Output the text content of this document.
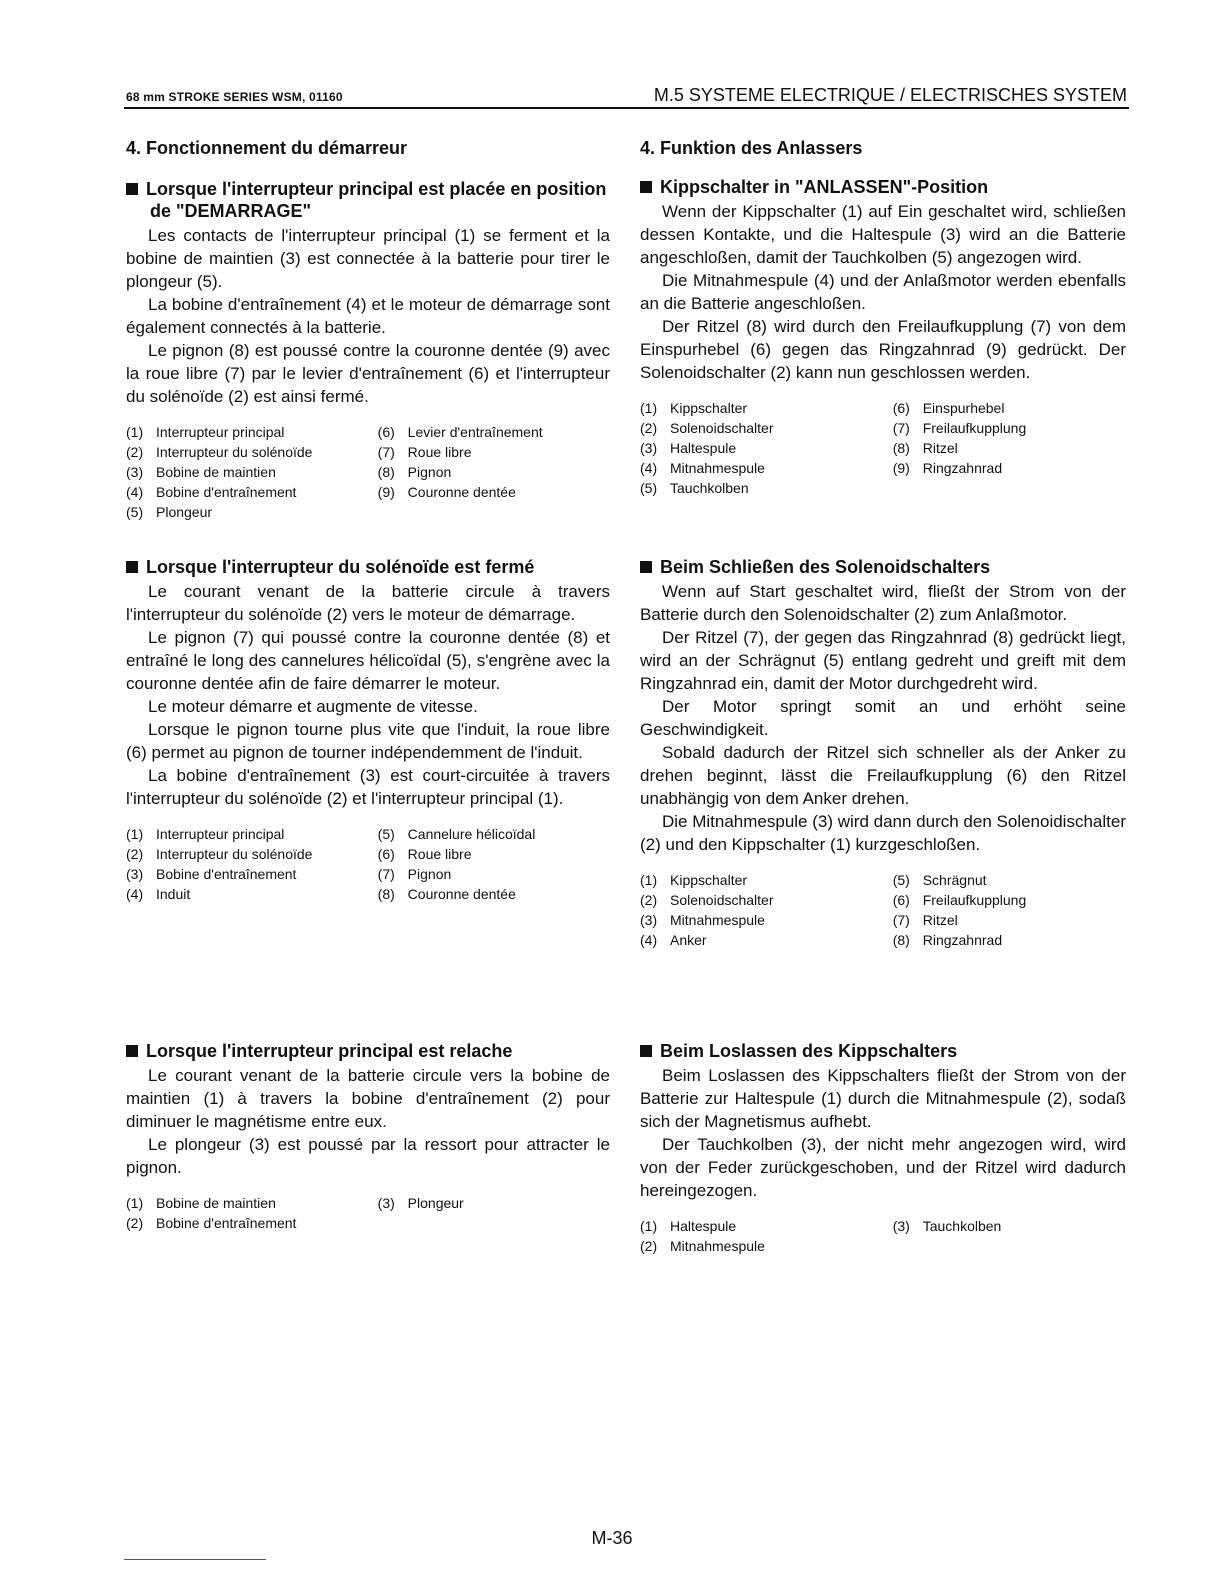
68 mm STROKE SERIES WSM, 01160	M.5 SYSTEME ELECTRIQUE / ELECTRISCHES SYSTEM
4. Fonctionnement du démarreur
Lorsque l'interrupteur principal est placée en position de "DEMARRAGE"

Les contacts de l'interrupteur principal (1) se ferment et la bobine de maintien (3) est connectée à la batterie pour tirer le plongeur (5).

La bobine d'entraînement (4) et le moteur de démarrage sont également connectés à la batterie.

Le pignon (8) est poussé contre la couronne dentée (9) avec la roue libre (7) par le levier d'entraînement (6) et l'interrupteur du solénoïde (2) est ainsi fermé.

(1) Interrupteur principal
(2) Interrupteur du solénoïde
(3) Bobine de maintien
(4) Bobine d'entraînement
(5) Plongeur
(6) Levier d'entraînement
(7) Roue libre
(8) Pignon
(9) Couronne dentée
Lorsque l'interrupteur du solénoïde est fermé

Le courant venant de la batterie circule à travers l'interrupteur du solénoïde (2) vers le moteur de démarrage.

Le pignon (7) qui poussé contre la couronne dentée (8) et entraîné le long des cannelures hélicoïdal (5), s'engrène avec la couronne dentée afin de faire démarrer le moteur.

Le moteur démarre et augmente de vitesse.

Lorsque le pignon tourne plus vite que l'induit, la roue libre (6) permet au pignon de tourner indépendemment de l'induit.

La bobine d'entraînement (3) est court-circuitée à travers l'interrupteur du solénoïde (2) et l'interrupteur principal (1).

(1) Interrupteur principal
(2) Interrupteur du solénoïde
(3) Bobine d'entraînement
(4) Induit
(5) Cannelure hélicoïdal
(6) Roue libre
(7) Pignon
(8) Couronne dentée
Lorsque l'interrupteur principal est relache

Le courant venant de la batterie circule vers la bobine de maintien (1) à travers la bobine d'entraînement (2) pour diminuer le magnétisme entre eux.

Le plongeur (3) est poussé par la ressort pour attracter le pignon.

(1) Bobine de maintien
(2) Bobine d'entraînement
(3) Plongeur
4. Funktion des Anlassers
Kippschalter in "ANLASSEN"-Position

Wenn der Kippschalter (1) auf Ein geschaltet wird, schließen dessen Kontakte, und die Haltespule (3) wird an die Batterie angeschloßen, damit der Tauchkolben (5) angezogen wird.

Die Mitnahmespule (4) und der Anlaßmotor werden ebenfalls an die Batterie angeschloßen.

Der Ritzel (8) wird durch den Freilaufkupplung (7) von dem Einspurhebel (6) gegen das Ringzahnrad (9) gedrückt. Der Solenoidschalter (2) kann nun geschlossen werden.

(1) Kippschalter
(2) Solenoidschalter
(3) Haltespule
(4) Mitnahmespule
(5) Tauchkolben
(6) Einspurhebel
(7) Freilaufkupplung
(8) Ritzel
(9) Ringzahnrad
Beim Schließen des Solenoidschalters

Wenn auf Start geschaltet wird, fließt der Strom von der Batterie durch den Solenoidschalter (2) zum Anlaßmotor.

Der Ritzel (7), der gegen das Ringzahnrad (8) gedrückt liegt, wird an der Schrägnut (5) entlang gedreht und greift mit dem Ringzahnrad ein, damit der Motor durchgedreht wird.

Der Motor springt somit an und erhöht seine Geschwindigkeit.

Sobald dadurch der Ritzel sich schneller als der Anker zu drehen beginnt, lässt die Freilaufkupplung (6) den Ritzel unabhängig von dem Anker drehen.

Die Mitnahmespule (3) wird dann durch den Solenoidischalter (2) und den Kippschalter (1) kurzgeschloßen.

(1) Kippschalter
(2) Solenoidschalter
(3) Mitnahmespule
(4) Anker
(5) Schrägnut
(6) Freilaufkupplung
(7) Ritzel
(8) Ringzahnrad
Beim Loslassen des Kippschalters

Beim Loslassen des Kippschalters fließt der Strom von der Batterie zur Haltespule (1) durch die Mitnahmespule (2), sodaß sich der Magnetismus aufhebt.

Der Tauchkolben (3), der nicht mehr angezogen wird, wird von der Feder zurückgeschoben, und der Ritzel wird dadurch hereingezogen.

(1) Haltespule
(2) Mitnahmespule
(3) Tauchkolben
M-36
